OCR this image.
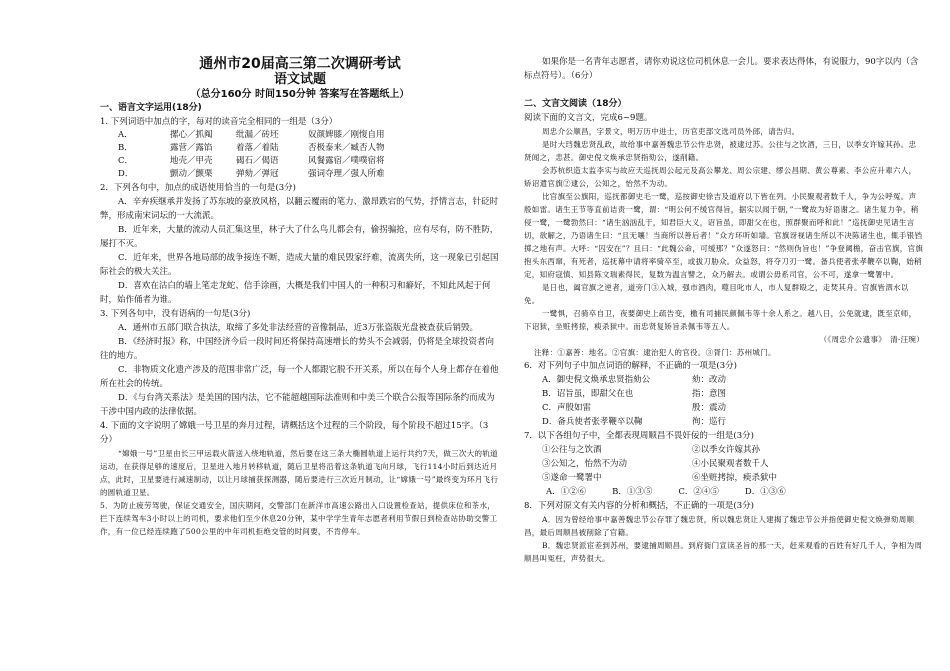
通州市20届高三第二次调研考试
语文试题
（总分160分 时间150分钟 答案写在答题纸上）
一、语言文字运用(18分)

1. 下列词语中加点的字，每对的读音完全相同的一组是（3分）

A．	摞心／抓阄	纰漏／砖坯	奴颜婢膝／刚愎自用
B．	露营／露馅	着落／着陆	否极泰来／臧否人物
C．	地壳／甲壳	碣石／偈语	风餐露宿／噗噗宿将
D．	颤动／颤栗	弹劾／弹冠	强词夺理／强人所难

2．下列各句中，加点的成语使用恰当的一句是(3分)

A．辛弃疾继承并发扬了苏东坡的豪放风格，以翻云覆雨的笔力、激昂跌宕的气势，抒情言志，针砭时弊，形成南宋词坛的一大流派。

B．近年来，大量的流动人员汇集这里，林子大了什么鸟儿都会有，偷拐骗抢，应有尽有，防不胜防，屡打不灭。

C．近年来，世界各地局部的战争接连不断，造成大量的难民毁家纾难，流离失所，这一现象已引起国际社会的极大关注。

D．喜欢在沽白的墙上笔走龙蛇、信手涂画，大概是我们中国人的一种积习和癖好，不知此风起于何时，始作俑者为谁。

3. 下列各句中，没有语病的一句是(3分)

A．通州市五部门联合执法，取缔了多处非法经营的音像制品，近3万张盗版光盘被查获后销毁。

B．《经济时报》称，中国经济今后一段时间还将保持高速增长的势头不会减弱，仍将是全球投资者向往的地方。

C．非物质文化遗产涉及的范围非常广泛，每一个人都跟它脱不开关系，所以在每个人身上都存在着他所在社会的传统。

D．《与台湾关系法》是美国的国内法，它不能超越国际法准则和中美三个联合公报等国际条约而成为干涉中国内政的法律依据。

4. 下面的文字说明了嫦娥一号卫星的奔月过程，请概括这个过程的三个阶段，每个阶段不超过15字。（3分）

“嫦娥一号”卫星由长三甲运载火箭送入绕地轨道，然后要在这三条大椭圆轨道上运行共约7天，做三次大的轨道运动，在获得足够的速度后，卫星进入地月转移轨道，随后卫星将沿着这条轨道飞向月球，飞行114小时后到达近月点，此时，卫星要进行减速制动，以让月球捕获探测器，随后要进行三次近月制动，让“嫦娥一号”最终变为环月飞行的圆轨道卫星。

5．为防止疲劳驾驶，保证交通安全，国庆期间，交警部门在新洋市高速公路出入口设置检查站，提供床位和茶水，拦下连续驾车3小时以上的司机，要求他们至少休息20分钟，某中学学生青年志愿者利用节假日到检查站协助交警工作，有一位已经连续跑了500公里的中年司机拒绝交管的时间要，不肯停车。

如果你是一名青年志愿者，请你劝说这位司机休息一会儿。要求表达得体，有说服力，90字以内（含标点符号）。（6分）

二、文言文阅读（18分）

阅读下面的文言文，完成6~9题。

周忠介公顺昌，字景文，明万历中进士，历官吏部文选司员外郎，请告归。

是时大珰魏忠贤乱政，故给事中嘉善魏忠节公忤忠贤，被逮过苏。公往与之饮酒，三日，以季女许嫁其孙。忠贤闻之，恚甚。御史倪文焕承忠贤指劾公，遂削籍。

会苏杭织造太监李实与故应天巡抚周公起元及高公攀龙、周公宗建、缪公昌期、黄公尊素、李公应升辈六人，矫诏遣官旗②逮公，公知之，怡然不为动。

比官旗至公旗阳，巡抚都御史毛一鹭，巡按御史徐吉及道府以下皆在列。小民聚观者数千人，争为公呼冤。声殷如雷。诸生王节等直前诘责一鹭，谓：“明公何不缓官得旨，据实以闻于朝，”一鹭故为好语谢之。诸生复力争，稍侵一鹭，一鹭勃然曰：“诸生汹汹乱于，知君臣大义，诏旨虽，即甜父在也，照群聚而呼和此！”巡抚御史见诸生言切，欲解之，乃语诸生曰：“且无嚷！当商所以善后者！”众方环听如墙。官旗讶视诸生所以不决陈诸生也，辄手银铛掷之地有声。大呼：“囚安在”？且曰：“此魏公命，可缓那？”众遂怒曰：“然则伪旨也！”争登阈檐，奋击官旗，官旗抱头东西窜，有死者，巡抚幕中请将率骑卒至，或拔刀胁众。众益怒，将夺刀刃一鹭。备兵使者张孝鞭卒以鞠，始稍定，知府寇慎、知县陈文瑞素得民，复数为温言譬之，众乃解去。或谓公毋系司官，公不可，遂拿一鹭署中。

是日也，阖官旗之逆者，道旁门③入城，强市酒肉，噬目叱市人，市人复群殴之，走焚其舟。官旗皆泗水以免。

一鹭惧，召骑卒自卫，夜要御史上疏告变，檄有司捕民颜佩韦等十余人系之。越八日，公免就逮，既至京师，下诏狱，坐赃拷掠，瘐杀狱中。而忠贤复矫旨杀佩韦等五人。

（《周忠介公遗事》　清·汪琬）

注释：①嘉善：地名。②官旗：逮治犯人的官役。③胥门：苏州城门。

6．对下列句子中加点词语的解释，不正确的一项是(3分)

A．御史倪文焕承忠贤指劾公	劾：改动
B．诏旨虽，即甜父在也	指：意图
C．声殷如雷	殷：震动
D．备兵使者张孝鞭卒以鞠	徇：巡行

7．以下各组句子中，全都表现周顺昌不畏奸佞的一组是(3分)

①公往与之饮酒	②以季女许嫁其孙
③公知之，怡然不为动	④小民聚观者数千人
⑤遂命一鹭署中	⑥坐赃拷掠，瘐杀狱中
A．①②⑥	B．①③⑤	C．②④⑤	D．①③⑥

8．下列对原文有关内容的分析和概括，不正确的一项是(3分)

A．因为曾经给事中嘉善魏忠节公存罪了魏忠贤，所以魏忠贤让人建揭了魏忠节公并指使御史倪文焕弹劾周顺昌，最后周顺昌被削除了官籍。

B．魏忠贤派宦差到苏州，要逮捕周顺昌。到府衙门宣读圣旨的那一天，赶来观看的百姓有好几千人，争相为周顺昌叫冤枉，声势很大。
